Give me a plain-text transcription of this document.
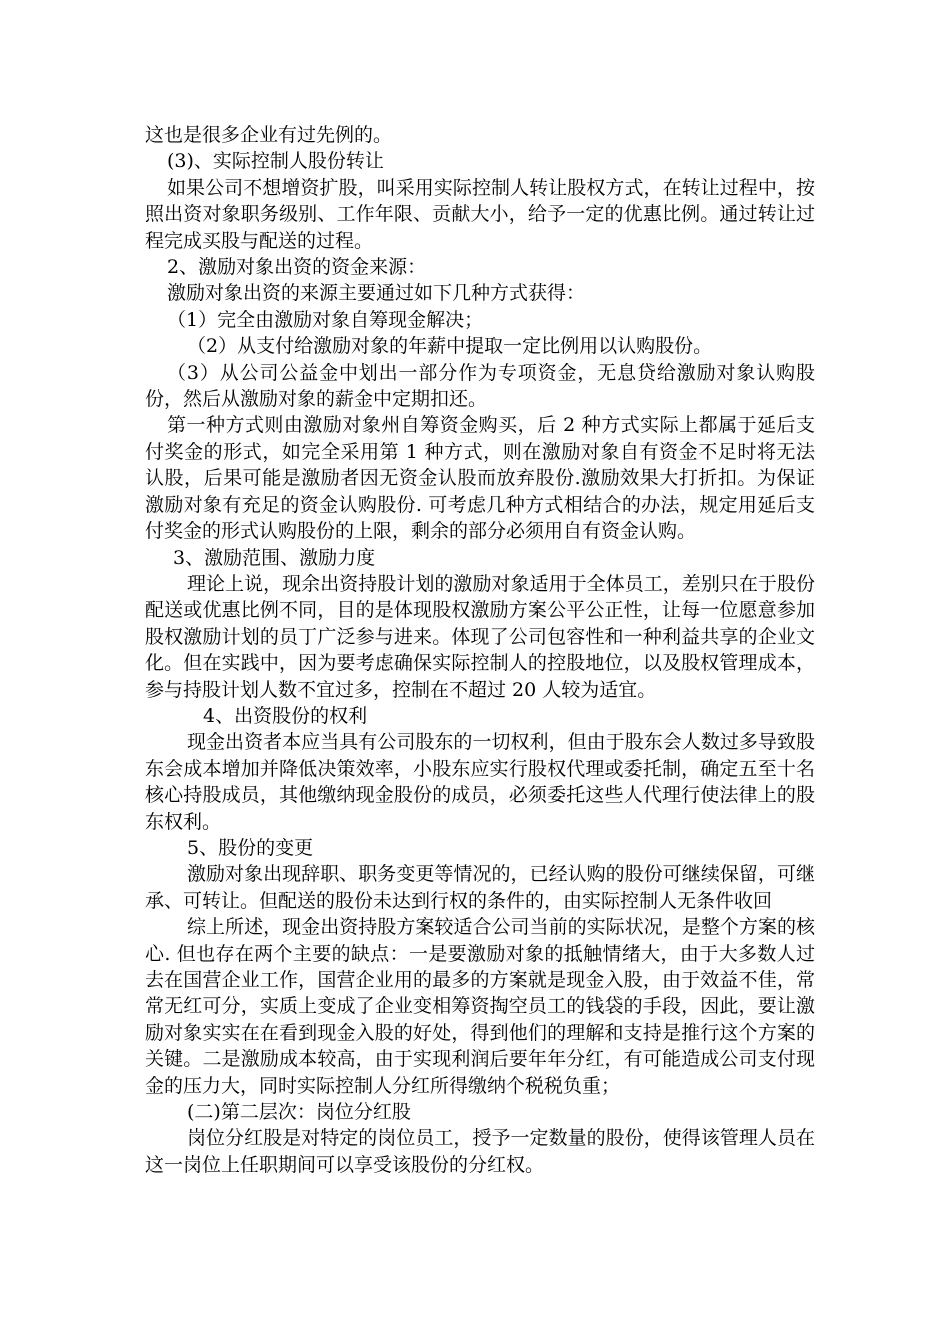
这也是很多企业有过先例的。

(3)、实际控制人股份转让

如果公司不想增资扩股，叫采用实际控制人转让股权方式，在转让过程中，按照出资对象职务级别、工作年限、贡献大小，给予一定的优惠比例。通过转让过程完成买股与配送的过程。

2、激励对象出资的资金来源：

激励对象出资的来源主要通过如下几种方式获得：

（1）完全由激励对象自筹现金解决；

（2）从支付给激励对象的年薪中提取一定比例用以认购股份。

（3）从公司公益金中划出一部分作为专项资金，无息贷给激励对象认购股份，然后从激励对象的薪金中定期扣还。

第一种方式则由激励对象州自筹资金购买，后 2 种方式实际上都属于延后支付奖金的形式，如完全采用第 1 种方式，则在激励对象自有资金不足时将无法认股，后果可能是激励者因无资金认股而放弃股份.激励效果大打折扣。为保证激励对象有充足的资金认购股份. 可考虑几种方式相结合的办法，规定用延后支付奖金的形式认购股份的上限，剩余的部分必须用自有资金认购。

3、激励范围、激励力度

理论上说，现余出资持股计划的激励对象适用于全体员工，差别只在于股份配送或优惠比例不同，目的是体现股权激励方案公平公正性，让每一位愿意参加股权激励计划的员丁广泛参与进来。体现了公司包容性和一种利益共享的企业文化。但在实践中，因为要考虑确保实际控制人的控股地位，以及股权管理成本，参与持股计划人数不宜过多，控制在不超过 20 人较为适宜。

4、出资股份的权利

现金出资者本应当具有公司股东的一切权利，但由于股东会人数过多导致股东会成本增加并降低决策效率，小股东应实行股权代理或委托制，确定五至十名核心持股成员，其他缴纳现金股份的成员，必须委托这些人代理行使法律上的股东权利。

5、股份的变更

激励对象出现辞职、职务变更等情况的，已经认购的股份可继续保留，可继承、可转让。但配送的股份未达到行权的条件的，由实际控制人无条件收回

综上所述，现金出资持股方案较适合公司当前的实际状况，是整个方案的核心. 但也存在两个主要的缺点：一是要激励对象的抵触情绪大，由于大多数人过去在国营企业工作，国营企业用的最多的方案就是现金入股，由于效益不佳，常常无红可分，实质上变成了企业变相筹资掏空员工的钱袋的手段，因此，要让激励对象实实在在看到现金入股的好处，得到他们的理解和支持是推行这个方案的关键。二是激励成本较高，由于实现利润后要年年分红，有可能造成公司支付现金的压力大，同时实际控制人分红所得缴纳个税税负重；

(二)第二层次：岗位分红股

岗位分红股是对特定的岗位员工，授予一定数量的股份，使得该管理人员在这一岗位上任职期间可以享受该股份的分红权。
